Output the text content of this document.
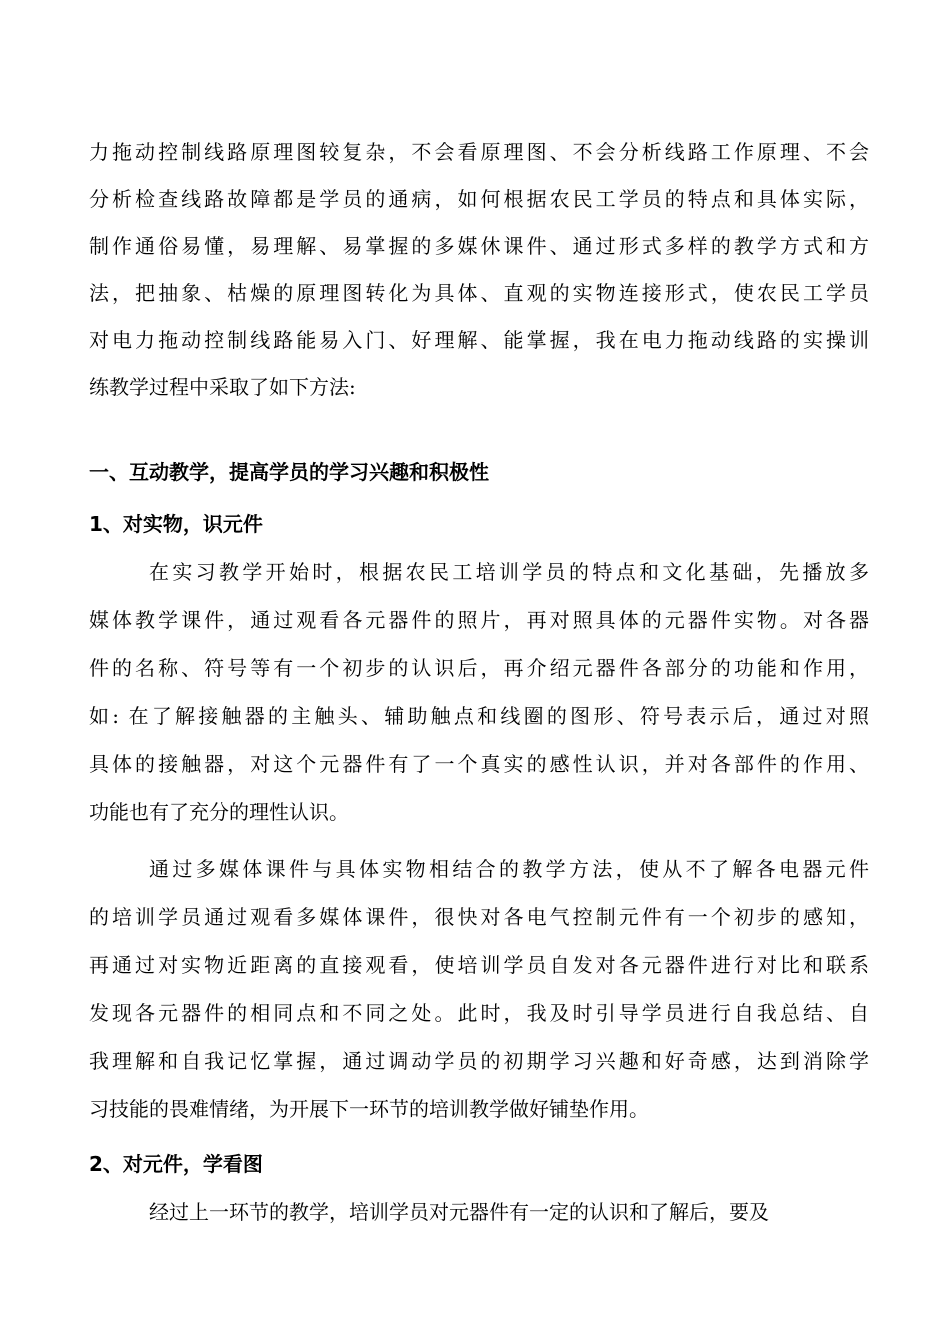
力拖动控制线路原理图较复杂，不会看原理图、不会分析线路工作原理、不会
分析检查线路故障都是学员的通病，如何根据农民工学员的特点和具体实际，
制作通俗易懂，易理解、易掌握的多媒休课件、通过形式多样的教学方式和方
法，把抽象、枯燥的原理图转化为具体、直观的实物连接形式，使农民工学员
对电力拖动控制线路能易入门、好理解、能掌握，我在电力拖动线路的实操训
练教学过程中采取了如下方法:
一、互动教学，提高学员的学习兴趣和积极性
1、对实物，识元件
在实习教学开始时，根据农民工培训学员的特点和文化基础，先播放多
媒体教学课件，通过观看各元器件的照片，再对照具体的元器件实物。对各器
件的名称、符号等有一个初步的认识后，再介绍元器件各部分的功能和作用，
如: 在了解接触器的主触头、辅助触点和线圈的图形、符号表示后，通过对照
具体的接触器，对这个元器件有了一个真实的感性认识，并对各部件的作用、
功能也有了充分的理性认识。
通过多媒体课件与具体实物相结合的教学方法，使从不了解各电器元件
的培训学员通过观看多媒体课件，很快对各电气控制元件有一个初步的感知，
再通过对实物近距离的直接观看，使培训学员自发对各元器件进行对比和联系
发现各元器件的相同点和不同之处。此时，我及时引导学员进行自我总结、自
我理解和自我记忆掌握，通过调动学员的初期学习兴趣和好奇感，达到消除学
习技能的畏难情绪，为开展下一环节的培训教学做好铺垫作用。
2、对元件，学看图
经过上一环节的教学，培训学员对元器件有一定的认识和了解后，要及
